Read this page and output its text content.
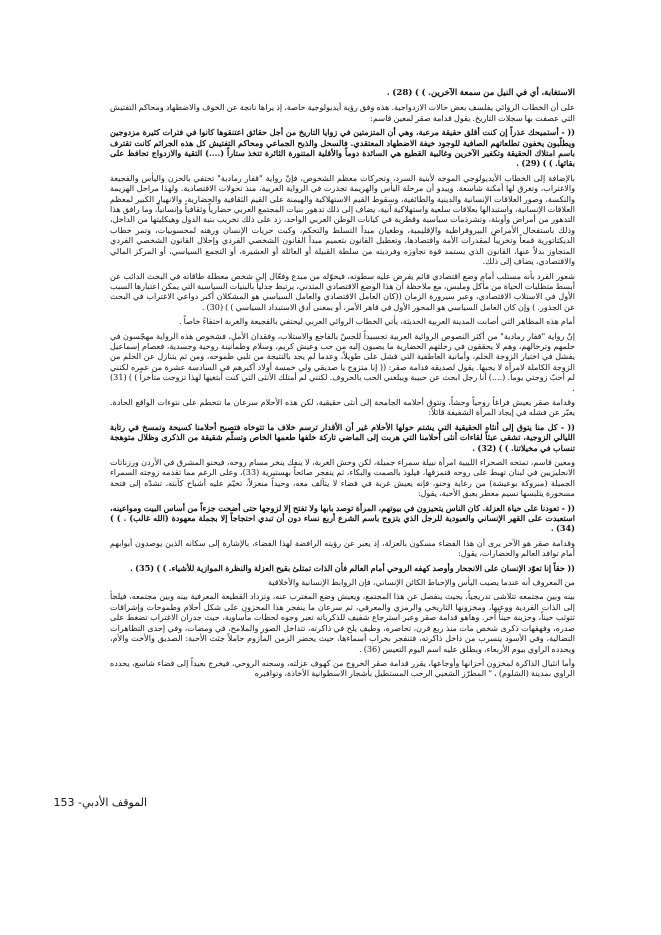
الاستغابة، أي في النيل من سمعة الآخرين. ) ) (28) .

على أن الخطاب الروائي يفلسف بعض حالات الازدواجية. هذه وفق رؤية أيديولوجية خاصة، إذ يراها ناتجة عن الخوف والاضطهاد ومحاكم التفتيش التي عصفت بها سجلات التاريخ. يقول قدامة صقر لمعين قاسم:

(( - أستميحك عذراً إن كنت أقلق حقيقة مرعبة، وهي أن المتزمتين في زوايا التاريخ من أجل حقائق اعتنقوها كانوا في فترات كثيرة مزدوجين ويطلّبون يخفون تطلعاتهم الصافية للوجود خيفة الاضطهاد المعتقدي. فالسحل والذبح الجماعي ومحاكم التفتيش كل هذه الجرائم كانت تقترف باسم امتلاك الحقيقة وتكفير الآخرين وغالبية القطيع هي السائدة دوماً والأقلية المتنورة الثائرة تتخذ ستاراً (....) التقية والازدواج تحافظ على بقائها. ) ) (29) .

بالإضافة إلى الخطاب الأيديولوجي الموجه لأبنية السرد، وتحركات معظم الشخوص، فإنّ رواية "قفار رمادية" تحتفي بالحزن واليأس والفجيعة والاغتراب، وتغرق لها أمكنة شاسعة. ويبدو أن مرحلة اليأس والهزيمة تجذرت في الرواية العربية، منذ تحولات الاقتصادية. ولهذا مراحل الهزيمة والنكسة، وصور العلاقات الإنسانية والدينية والطائفية، وسقوط القيم الاستهلاكية والهيمنة على القيم الثقافية والحضارية، والانهيار الكبير لمعظم العلاقات الإنسانية، واستبدالها بعلاقات سلعية واستهلاكية آنية، يضاف إلى ذلك تدهور بنيات المجتمع العربي حضارياً وثقافياً وإنسانياً، وما رافق هذا التدهور من أمراض وأوبئة، وتشرذمات سياسية وقطرية في كيانات الوطن العربي الواحد، زد على ذلك تخريب بنية الدول وهيكليتها من الداخل، وذلك باستفحال الأمراض البيروقراطية والإقليمية، وطغيان مبدأ التسلط والتحكم، وكبت حريات الإنسان ورهنه لمحسوبيات، وتمر خطاب الديكتاتورية قمعاً وتخريباً لمقدرات الأمة واقتصادها، وتعطيل القانون بتعميم مبدأ القانون الشخصي الفردي وإحلال القانون الشخصي الفردي المتجاوز بدلاً عنها، القانون الذي يستمد قوة تجاوزه وفرديته من سلطة القبيلة أو العائلة أو العشيرة، أو التجمع السياسي، أو المركز المالي والاقتصادي، يضاف إلى ذلك.

شعور الفرد بأنه مستلب أمام وضع اقتصادي قائم يفرض عليه سطوته، فيحوّله من مبدع وفعّال إلى شخص معطلة طاقاته في البحث الدائب عن أبسط متطلبات الحياة من مأكل وملبس، مع ملاحظة أن هذا الوضع الاقتصادي المتدني، يرتبط جدلياً بالبنيات السياسية التي يمكن اعتبارها السبب الأول في الاستلاب الاقتصادي، وعبر سيرورة الزمان ((كان العامل الاقتصادي والعامل السياسي هو المشكلان أكبر دواعي الاغتراب في البحث عن الجذور. ) وإن كان العامل السياسي هو المحور الأول في قاهر الأمر، أو بمعنى أدق الاستبداد السياسي ) ) (30) .

أمام هذه المظاهر التي أصابت المدينة العربية الحديثة، يأتي الخطاب الروائي العربي ليحتفي بالفجيعة والغربة احتفاءً خاصاً .

إنّ رواية "قفار رمادية" من أكثر النصوص الروائية العربية تجسيداً للحسّ بالفاجع والاستلاب، وفقدان الأمل، فشخوص هذه الرواية مهجّسون في حلمهم وترحالهم، وهم لا يحققون في رحلتهم الحضارية ما يصبون إليه من حب وعيش كريم، وسلام وطمأنينة روحية وجسدية، فعصام إسماعيل يفشل في اختيار الزوجة الحلم، وأمانية العاطفية التي فشل على طويلاً، وعدما لم يجد بالنتيجة من تلبي طموحه، ومن ثم يتنازل عن الحلم من الزوجة الكاملة لامرأة لا يحبها. يقول لصديقه قدامة صقر: (( إنا متزوج يا صديقي ولي خمسة أولاد أكبرهم في السادسة عشرة من عمره لكنني لم أحبّ زوجتي يوماً. (....) أنا رجل ابحث عن حبيبة ويبلغني الحب بالحروف. لكنني لم أمتلك الأنثى التي كنت أبتغيها لهذا تزوجت متأخراً ) ) (31) .

وقدامة صقر يعيش فراغاً روحياً وحشاً، وتتوق أحلامه الجامحة إلى أنثى حقيقية، لكن هذه الأحلام سرعان ما تتحطم على نتوءات الواقع الحادة. يعبّر عن فشله في إيجاد المرأة الشفيفة قائلاً:

(( - كل منا يتوق إلى أنثاه الحقيقية التي يشتم حولها الأحلام غير أن الأقدار ترسم خلاف ما تتوخاه فتصبح أحلامنا كسيحة وتمسخ في رتابة الليالي الزوجية، تشقى عبثاً لقاءات أنثى أحلامنا التي هربت إلى الماضي تاركة خلفها طعمها الخاص وتسلّم شقيقة من الذكرى وظلال متوهجة تنساب في مخيلاتنا. ) ) (32) .

ومعين قاسم، تمتحه الصحراء الليبية امرأة نبيلة سمراء جميلة، لكن وحش الغربة، لا ينفك ينخر مسام روحه، فيحنو المشرق في الأردن ورزناتات الانجليزيين في لبنان تهبط على روحه فتمزقها، فيلوذ بالصمت والبكاء، ثم ينفجر صائحاً بهستيرية (33)، وعلى الرغم مما تقدمه زوجته السمراء الجميلة (مبروكة بوعيشة) من رعاية وحنو، فإنه يعيش غربة في فضاء لا يتآلف معه، وحيداً منعزلاً، تخيّم عليه أشباح كآبته، تشدّه إلى فتحة مسحورة يتلبسها نسيم معطر بعبق الأحبة، يقول:

(( - تعودنا على حياة العزلة. كان الناس يتحيزون في بيوتهم، المرأة توصد بابها ولا تفتح إلا لزوجها حتى أضحت جزءاً من أساس البيت ومواعينه، استعبدت على القهر الإنساني والعبودية للرجل الذي يتزوج باسم الشرع أربع نساء دون أن تبدي احتجاجاً إلا بجملة معهودة (الله غالب) . ) ) (34) .

وقدامة صقر هو الآخر يرى أن هذا الفضاء مسكون بالعزلة، إذ يعبر عن رؤيته الرافضة لهذا الفضاء، بالإشارة إلى سكانه الذين يوصدون أبوابهم أمام توافد العالم والحضارات، يقول:

(( حقاً إنا تعوّد الإنسان على الانجحار وأوصد كهفه الروحي أمام العالم فأن الذات تمتلئ بقيح العزلة والنظرة الموازية للأشياء. ) ) (35) .

من المعروف أنه عندما يصيب اليأس والإحباط الكائن الإنساني، فإن الروابط الإنسانية والأخلاقية

بينه وبين مجتمعه تتلاشى تدريجياً، بحيث ينفصل عن هذا المجتمع، ويعيش وضع المغترب عنه، وتزداد القطيعة المعرفية بينه وبين مجتمعه، فيلجأ إلى الذات الفردية ووعيها، ومخزونها التاريخي والرمزي والمعرفي، ثم سرعان ما ينفجر هذا المخزون على شكل أحلام وطموحات وإشراقات تتوثب حيناً، وحزينة حيناً آخر. وهاهو قدامة صقر وعبر استرجاع شفيف للذكرياته تعبر وجوه لحظات مأساوية، حيث جدران الاغتراب تضغط على صدره، وفهقهات ذكرى شخص مات منذ ربع قرن، تحاصره، وطيف يلح في ذاكرته، تتداخل الصور والملامح، في ومضات، وفي إحدى التظاهرات النضالية، وفي الأسود يتسرب من داخل ذاكرته، فتنفجر بخراب أسماءها، حيث يحضر الزمن المأزوم حاملاً جثث الأحبة: الصديق والأخت والأم، ويحدده الراوي بيوم الأربعاء، ويطلق عليه اسم اليوم التعيس (36) .

وأما انثيال الذاكرة لمخزون أحزانها وأوجاعها، يقرر قدامة صقر الخروج من كهوف عزلته، وسجنه الروحي، فيخرج بعيداً إلى فضاء شاسع، يحدده الراوي بمدينة (الشلوم) ، " المطرّز الشعبي الرحب المستطيل بأشجار الاسطوانية الأخاذة، وتوافيره

الموقف الأدبي- 153
